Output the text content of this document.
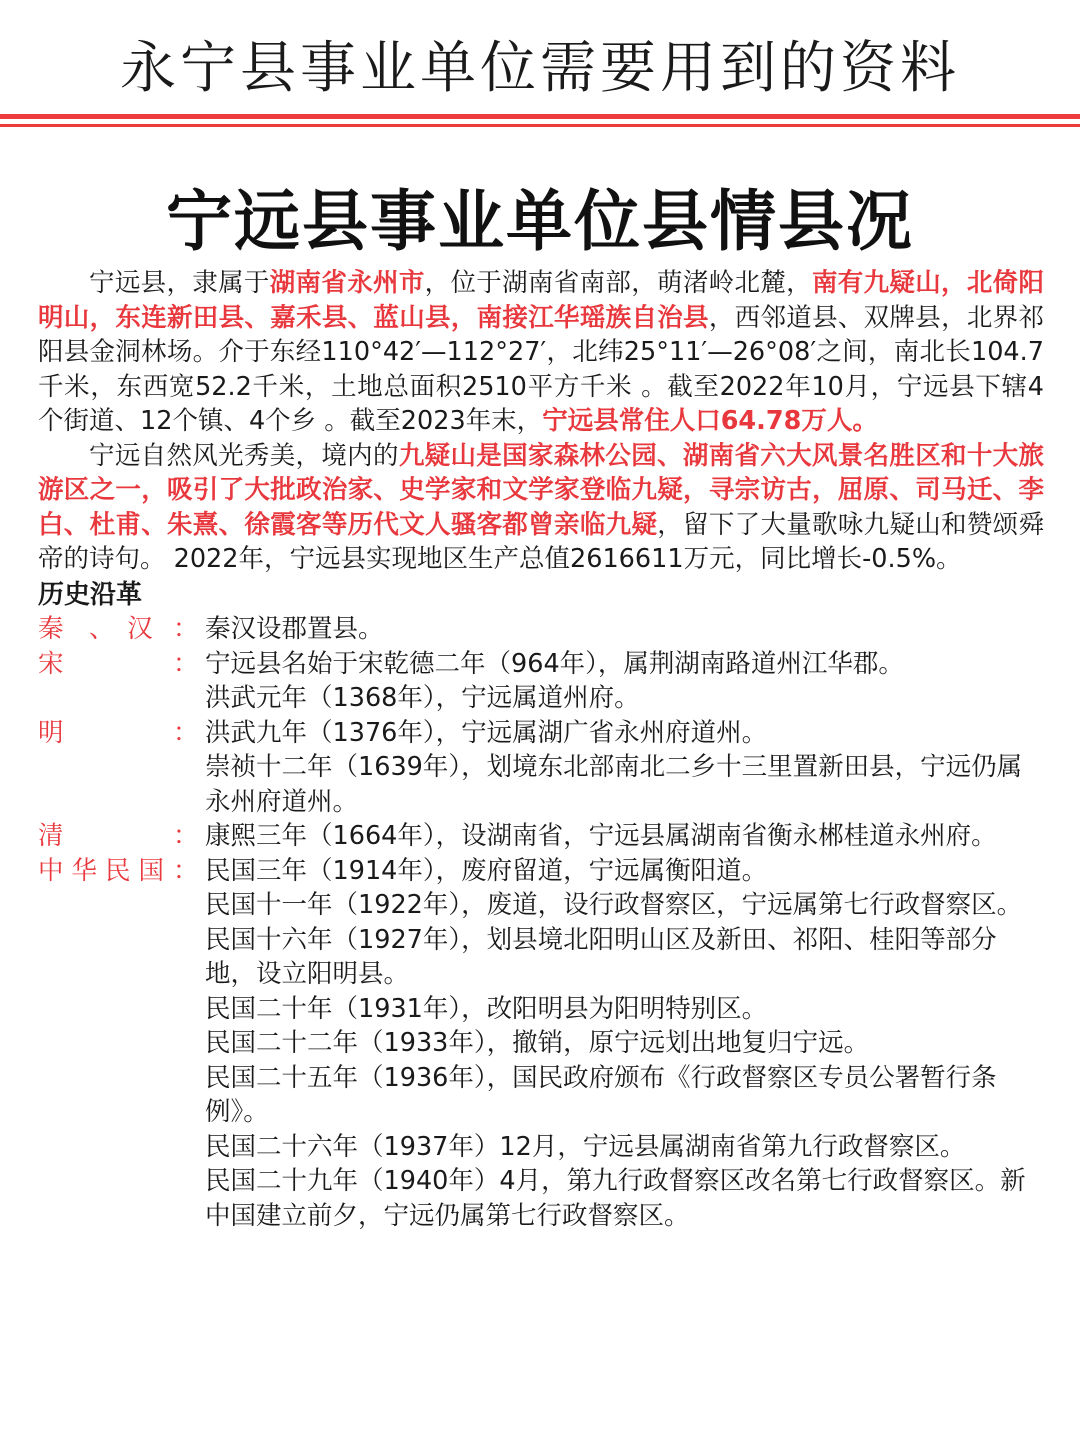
永宁县事业单位需要用到的资料
宁远县事业单位县情县况

宁远县，隶属于湖南省永州市，位于湖南省南部，萌渚岭北麓，南有九疑山，北倚阳明山，东连新田县、嘉禾县、蓝山县，南接江华瑶族自治县，西邻道县、双牌县，北界祁阳县金洞林场。介于东经110°42′—112°27′，北纬25°11′—26°08′之间，南北长104.7千米，东西宽52.2千米，土地总面积2510平方千米 。截至2022年10月，宁远县下辖4个街道、12个镇、4个乡 。截至2023年末，宁远县常住人口64.78万人。

宁远自然风光秀美，境内的九疑山是国家森林公园、湖南省六大风景名胜区和十大旅游区之一，吸引了大批政治家、史学家和文学家登临九疑，寻宗访古，屈原、司马迁、李白、杜甫、朱熹、徐霞客等历代文人骚客都曾亲临九疑，留下了大量歌咏九疑山和赞颂舜帝的诗句。 2022年，宁远县实现地区生产总值2616611万元，同比增长-0.5%。

历史沿革
秦　、　汉 ： 秦汉设郡置县。

宋	： 宁远县名始于宋乾德二年（964年），属荆湖南路道州江华郡。

洪武元年（1368年），宁远属道州府。

明	： 洪武九年（1376年），宁远属湖广省永州府道州。

崇祯十二年（1639年），划境东北部南北二乡十三里置新田县，宁远仍属永州府道州。

清	： 康熙三年（1664年），设湖南省，宁远县属湖南省衡永郴桂道永州府。

中华民国 ： 民国三年（1914年），废府留道，宁远属衡阳道。

民国十一年（1922年），废道，设行政督察区，宁远属第七行政督察区。

民国十六年（1927年），划县境北阳明山区及新田、祁阳、桂阳等部分地，设立阳明县。

民国二十年（1931年），改阳明县为阳明特别区。

民国二十二年（1933年），撤销，原宁远划出地复归宁远。

民国二十五年（1936年），国民政府颁布《行政督察区专员公署暂行条例》。

民国二十六年（1937年）12月，宁远县属湖南省第九行政督察区。

民国二十九年（1940年）4月，第九行政督察区改名第七行政督察区。新中国建立前夕，宁远仍属第七行政督察区。
